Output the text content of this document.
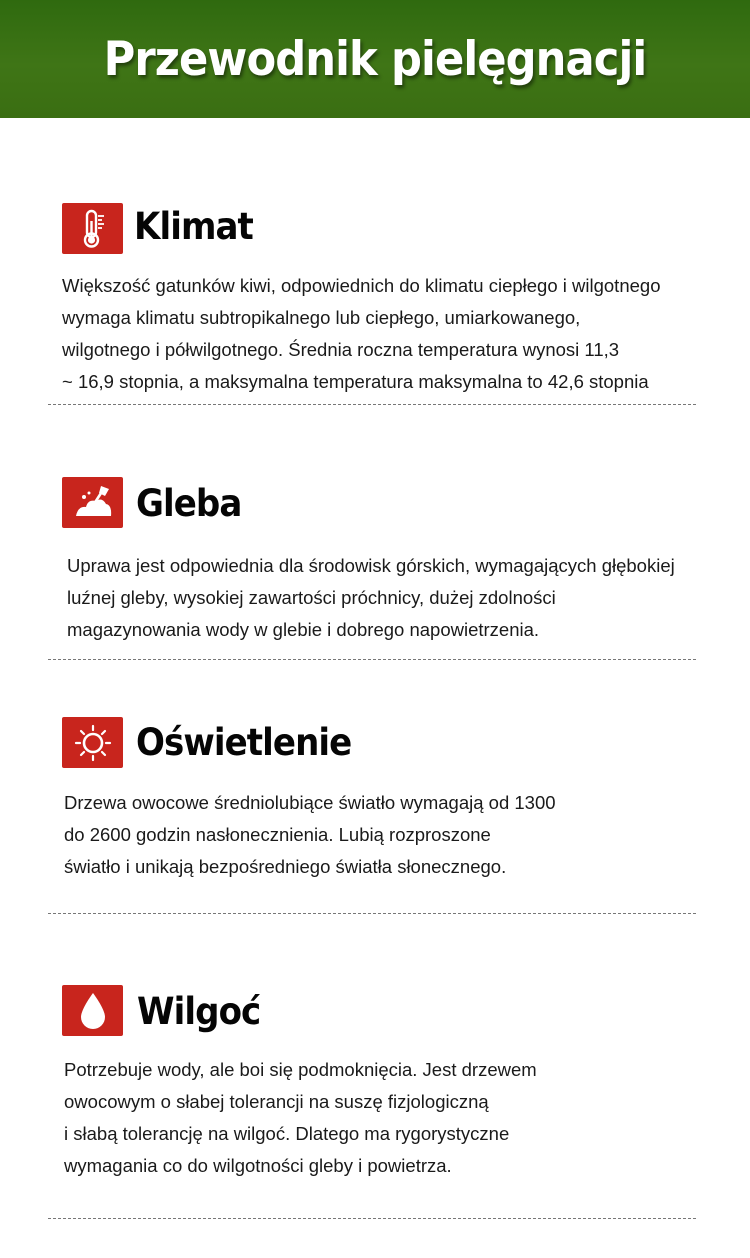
Przewodnik pielęgnacji
Klimat
Większość gatunków kiwi, odpowiednich do klimatu ciepłego i wilgotnego
wymaga klimatu subtropikalnego lub ciepłego, umiarkowanego,
wilgotnego i półwilgotnego. Średnia roczna temperatura wynosi 11,3
~ 16,9 stopnia, a maksymalna temperatura maksymalna to 42,6 stopnia
Gleba
Uprawa jest odpowiednia dla środowisk górskich, wymagających głębokiej
luźnej gleby, wysokiej zawartości próchnicy, dużej zdolności
magazynowania wody w glebie i dobrego napowietrzenia.
Oświetlenie
Drzewa owocowe średniolubiące światło wymagają od 1300
do 2600 godzin nasłonecznienia. Lubią rozproszone
światło i unikają bezpośredniego światła słonecznego.
Wilgoć
Potrzebuje wody, ale boi się podmoknięcia. Jest drzewem
owocowym o słabej tolerancji na suszę fizjologiczną
i słabą tolerancję na wilgoć. Dlatego ma rygorystyczne
wymagania co do wilgotności gleby i powietrza.
